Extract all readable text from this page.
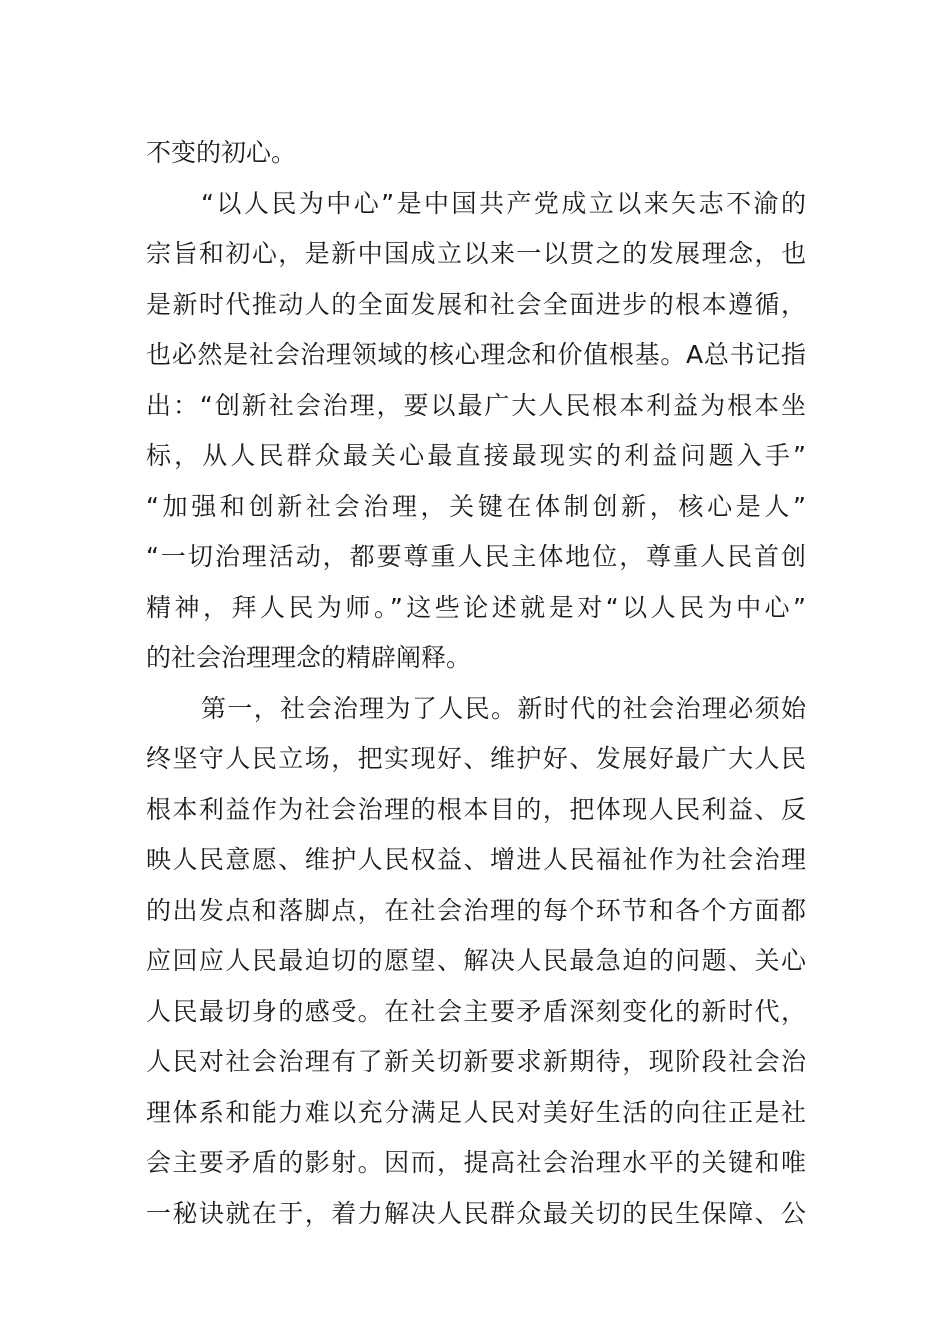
不变的初心。
“以人民为中心”是中国共产党成立以来矢志不渝的
宗旨和初心，是新中国成立以来一以贯之的发展理念，也
是新时代推动人的全面发展和社会全面进步的根本遵循，
也必然是社会治理领域的核心理念和价值根基。A总书记指
出：“创新社会治理，要以最广大人民根本利益为根本坐
标，从人民群众最关心最直接最现实的利益问题入手”
“加强和创新社会治理，关键在体制创新，核心是人”
“一切治理活动，都要尊重人民主体地位，尊重人民首创
精神，拜人民为师。”这些论述就是对“以人民为中心”
的社会治理理念的精辟阐释。
第一，社会治理为了人民。新时代的社会治理必须始
终坚守人民立场，把实现好、维护好、发展好最广大人民
根本利益作为社会治理的根本目的，把体现人民利益、反
映人民意愿、维护人民权益、增进人民福祉作为社会治理
的出发点和落脚点，在社会治理的每个环节和各个方面都
应回应人民最迫切的愿望、解决人民最急迫的问题、关心
人民最切身的感受。在社会主要矛盾深刻变化的新时代，
人民对社会治理有了新关切新要求新期待，现阶段社会治
理体系和能力难以充分满足人民对美好生活的向往正是社
会主要矛盾的影射。因而，提高社会治理水平的关键和唯
一秘诀就在于，着力解决人民群众最关切的民生保障、公
